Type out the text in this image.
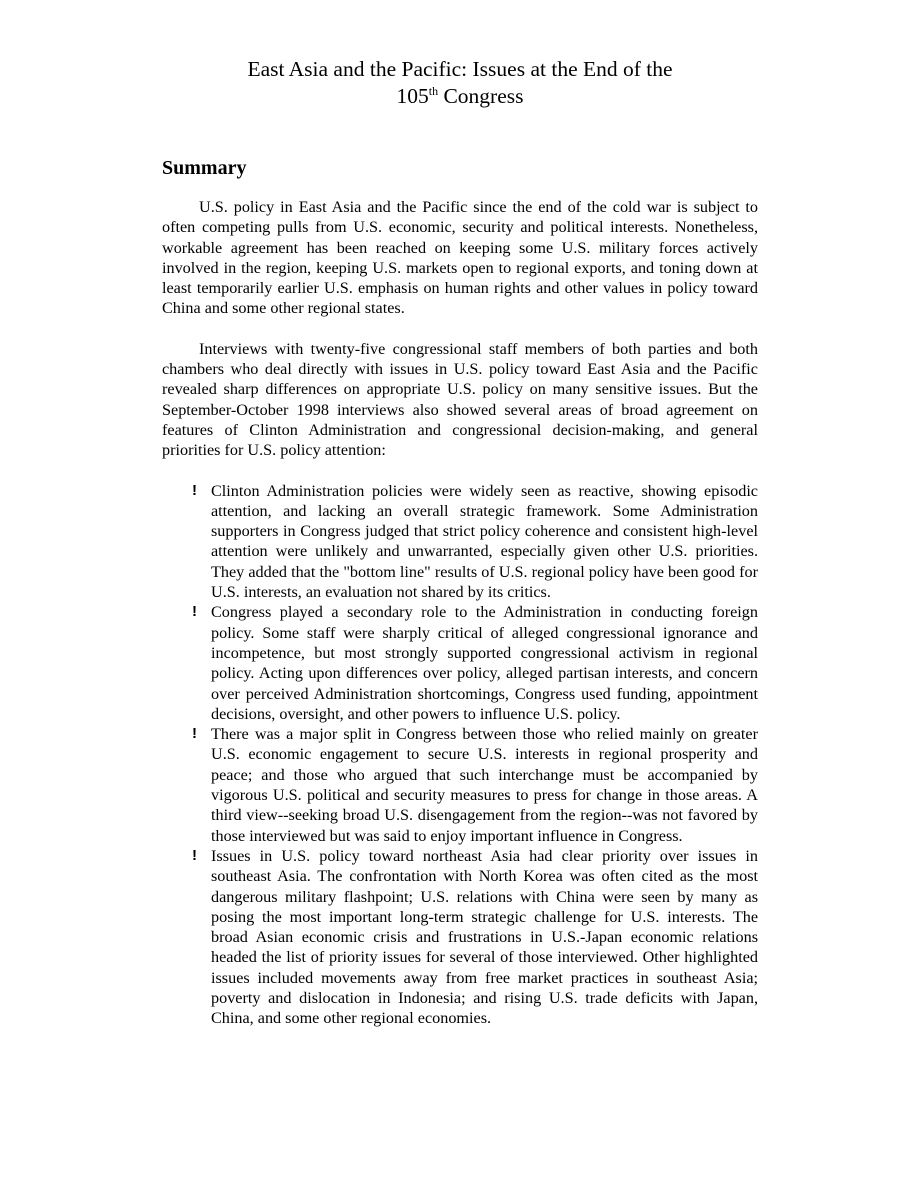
East Asia and the Pacific: Issues at the End of the
105th Congress
Summary

U.S. policy in East Asia and the Pacific since the end of the cold war is subject to often competing pulls from U.S. economic, security and political interests. Nonetheless, workable agreement has been reached on keeping some U.S. military forces actively involved in the region, keeping U.S. markets open to regional exports, and toning down at least temporarily earlier U.S. emphasis on human rights and other values in policy toward China and some other regional states.

Interviews with twenty-five congressional staff members of both parties and both chambers who deal directly with issues in U.S. policy toward East Asia and the Pacific revealed sharp differences on appropriate U.S. policy on many sensitive issues. But the September-October 1998 interviews also showed several areas of broad agreement on features of Clinton Administration and congressional decision-making, and general priorities for U.S. policy attention:

! Clinton Administration policies were widely seen as reactive, showing episodic attention, and lacking an overall strategic framework. Some Administration supporters in Congress judged that strict policy coherence and consistent high-level attention were unlikely and unwarranted, especially given other U.S. priorities. They added that the "bottom line" results of U.S. regional policy have been good for U.S. interests, an evaluation not shared by its critics.
! Congress played a secondary role to the Administration in conducting foreign policy. Some staff were sharply critical of alleged congressional ignorance and incompetence, but most strongly supported congressional activism in regional policy. Acting upon differences over policy, alleged partisan interests, and concern over perceived Administration shortcomings, Congress used funding, appointment decisions, oversight, and other powers to influence U.S. policy.
! There was a major split in Congress between those who relied mainly on greater U.S. economic engagement to secure U.S. interests in regional prosperity and peace; and those who argued that such interchange must be accompanied by vigorous U.S. political and security measures to press for change in those areas. A third view--seeking broad U.S. disengagement from the region--was not favored by those interviewed but was said to enjoy important influence in Congress.
! Issues in U.S. policy toward northeast Asia had clear priority over issues in southeast Asia. The confrontation with North Korea was often cited as the most dangerous military flashpoint; U.S. relations with China were seen by many as posing the most important long-term strategic challenge for U.S. interests. The broad Asian economic crisis and frustrations in U.S.-Japan economic relations headed the list of priority issues for several of those interviewed. Other highlighted issues included movements away from free market practices in southeast Asia; poverty and dislocation in Indonesia; and rising U.S. trade deficits with Japan, China, and some other regional economies.
